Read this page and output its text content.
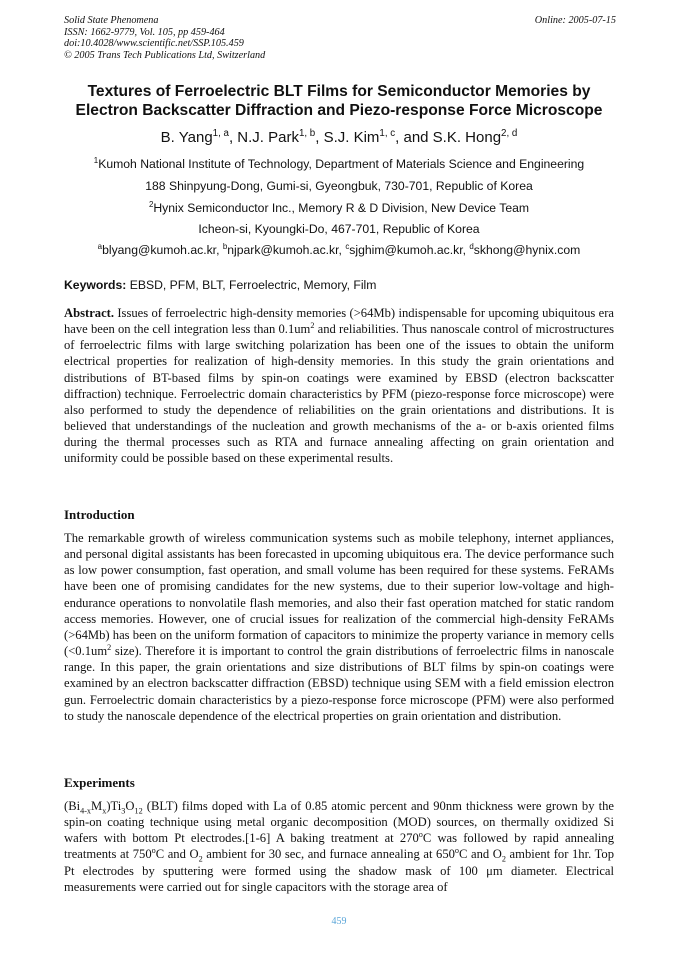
Solid State Phenomena
ISSN: 1662-9779, Vol. 105, pp 459-464
doi:10.4028/www.scientific.net/SSP.105.459
© 2005 Trans Tech Publications Ltd, Switzerland
Online: 2005-07-15
Textures of Ferroelectric BLT Films for Semiconductor Memories by
Electron Backscatter Diffraction and Piezo-response Force Microscope
B. Yang$^{1, a}$, N.J. Park$^{1, b}$, S.J. Kim$^{1, c}$, and S.K. Hong$^{2, d}$
$^1$Kumoh National Institute of Technology, Department of Materials Science and Engineering
188 Shinpyung-Dong, Gumi-si, Gyeongbuk, 730-701, Republic of Korea
$^2$Hynix Semiconductor Inc., Memory R & D Division, New Device Team
Icheon-si, Kyoungki-Do, 467-701, Republic of Korea
$^a$blyang@kumoh.ac.kr, $^b$njpark@kumoh.ac.kr, $^c$sjghim@kumoh.ac.kr, $^d$skhong@hynix.com
Keywords: EBSD, PFM, BLT, Ferroelectric, Memory, Film
Abstract. Issues of ferroelectric high-density memories (>64Mb) indispensable for upcoming ubiquitous era have been on the cell integration less than $0.1um^2$ and reliabilities. Thus nanoscale control of microstructures of ferroelectric films with large switching polarization has been one of the issues to obtain the uniform electrical properties for realization of high-density memories. In this study the grain orientations and distributions of BT-based films by spin-on coatings were examined by EBSD (electron backscatter diffraction) technique. Ferroelectric domain characteristics by PFM (piezo-response force microscope) were also performed to study the dependence of reliabilities on the grain orientations and distributions. It is believed that understandings of the nucleation and growth mechanisms of the a- or b-axis oriented films during the thermal processes such as RTA and furnace annealing affecting on grain orientation and uniformity could be possible based on these experimental results.
Introduction
The remarkable growth of wireless communication systems such as mobile telephony, internet appliances, and personal digital assistants has been forecasted in upcoming ubiquitous era. The device performance such as low power consumption, fast operation, and small volume has been required for these systems. FeRAMs have been one of promising candidates for the new systems, due to their superior low-voltage and high-endurance operations to nonvolatile flash memories, and also their fast operation matched for static random access memories. However, one of crucial issues for realization of the commercial high-density FeRAMs (>64Mb) has been on the uniform formation of capacitors to minimize the property variance in memory cells ($<0.1um^2$ size). Therefore it is important to control the grain distributions of ferroelectric films in nanoscale range. In this paper, the grain orientations and size distributions of BLT films by spin-on coatings were examined by an electron backscatter diffraction (EBSD) technique using SEM with a field emission electron gun. Ferroelectric domain characteristics by a piezo-response force microscope (PFM) were also performed to study the nanoscale dependence of the electrical properties on grain orientation and distribution.
Experiments
$(Bi_{4-x}M_x)Ti_3O_{12}$ (BLT) films doped with La of 0.85 atomic percent and 90nm thickness were grown by the spin-on coating technique using metal organic decomposition (MOD) sources, on thermally oxidized Si wafers with bottom Pt electrodes.[1-6] A baking treatment at 270$^o$C was followed by rapid annealing treatments at 750$^o$C and $O_2$ ambient for 30 sec, and furnace annealing at 650$^o$C and $O_2$ ambient for 1hr. Top Pt electrodes by sputtering were formed using the shadow mask of 100 μm diameter. Electrical measurements were carried out for single capacitors with the storage area of
459
